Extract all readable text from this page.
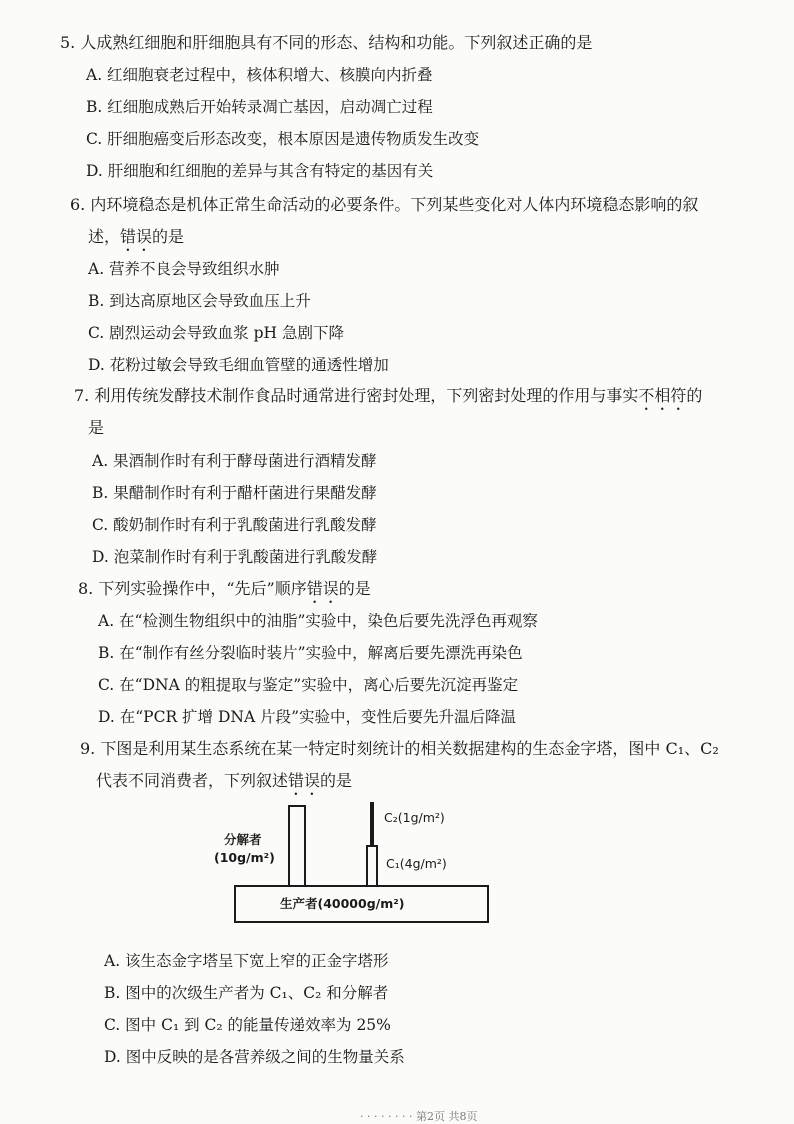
5. 人成熟红细胞和肝细胞具有不同的形态、结构和功能。下列叙述正确的是
A. 红细胞衰老过程中，核体积增大、核膜向内折叠
B. 红细胞成熟后开始转录凋亡基因，启动凋亡过程
C. 肝细胞癌变后形态改变，根本原因是遗传物质发生改变
D. 肝细胞和红细胞的差异与其含有特定的基因有关
6. 内环境稳态是机体正常生命活动的必要条件。下列某些变化对人体内环境稳态影响的叙
述，错误的是
A. 营养不良会导致组织水肿
B. 到达高原地区会导致血压上升
C. 剧烈运动会导致血浆 pH 急剧下降
D. 花粉过敏会导致毛细血管壁的通透性增加
7. 利用传统发酵技术制作食品时通常进行密封处理，下列密封处理的作用与事实不相符的
是
A. 果酒制作时有利于酵母菌进行酒精发酵
B. 果醋制作时有利于醋杆菌进行果醋发酵
C. 酸奶制作时有利于乳酸菌进行乳酸发酵
D. 泡菜制作时有利于乳酸菌进行乳酸发酵
8. 下列实验操作中，“先后”顺序错误的是
A. 在“检测生物组织中的油脂”实验中，染色后要先洗浮色再观察
B. 在“制作有丝分裂临时装片”实验中，解离后要先漂洗再染色
C. 在“DNA 的粗提取与鉴定”实验中，离心后要先沉淀再鉴定
D. 在“PCR 扩增 DNA 片段”实验中，变性后要先升温后降温
9. 下图是利用某生态系统在某一特定时刻统计的相关数据建构的生态金字塔，图中 C₁、C₂
代表不同消费者，下列叙述错误的是
生产者(40000g/m²)
分解者
(10g/m²)
C₂(1g/m²)
C₁(4g/m²)
A. 该生态金字塔呈下宽上窄的正金字塔形
B. 图中的次级生产者为 C₁、C₂ 和分解者
C. 图中 C₁ 到 C₂ 的能量传递效率为 25%
D. 图中反映的是各营养级之间的生物量关系
· · · · · · · · 第2页 共8页
